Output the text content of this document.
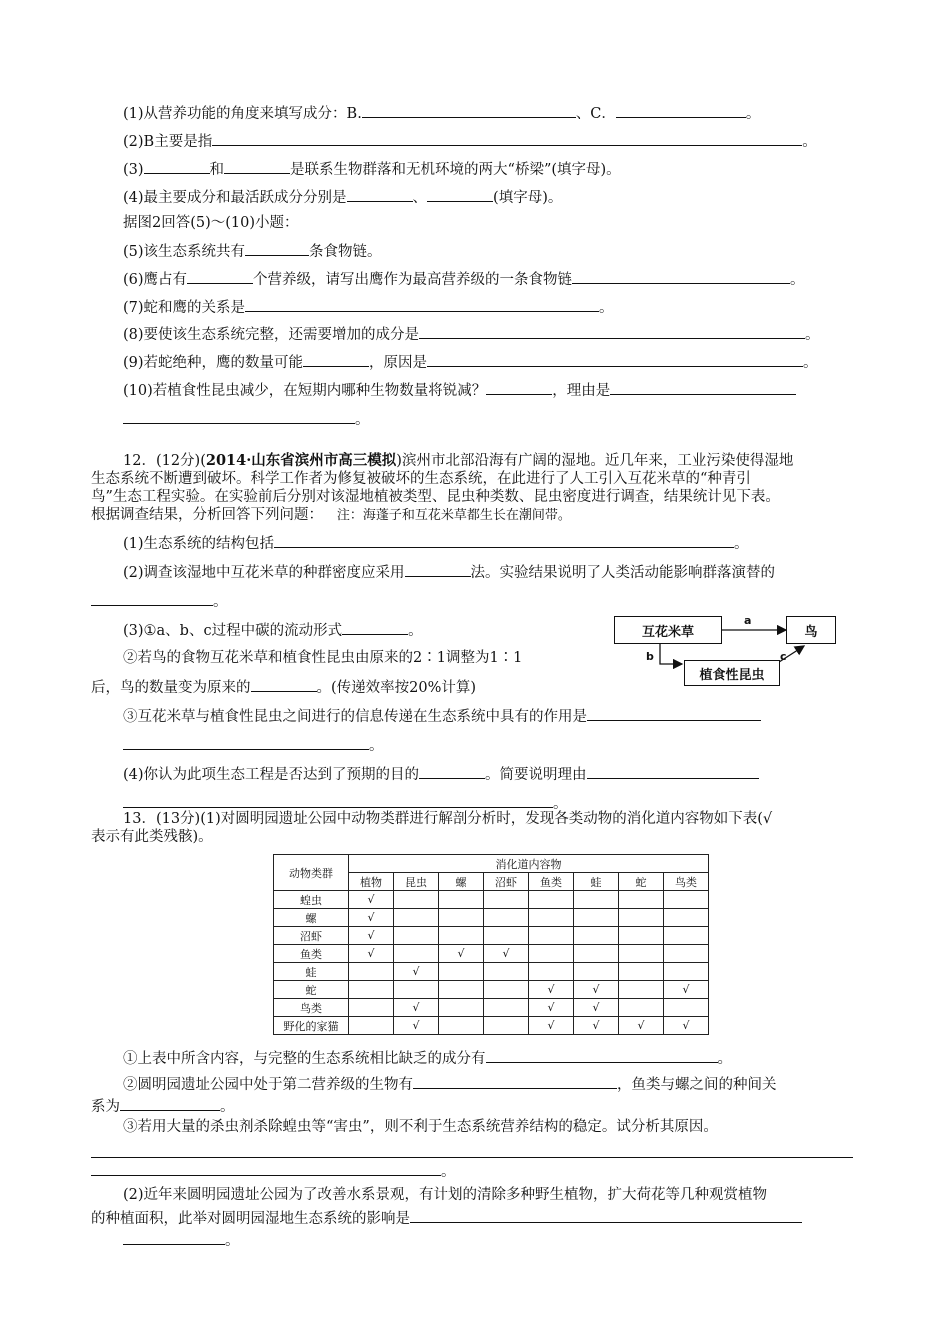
(1)从营养功能的角度来填写成分：B.	、C．	。
(2)B主要是指	。
(3)	和	是联系生物群落和无机环境的两大“桥梁”(填字母)。
(4)最主要成分和最活跃成分分别是	、	(填字母)。
据图2回答(5)～(10)小题：
(5)该生态系统共有	条食物链。
(6)鹰占有	个营养级，请写出鹰作为最高营养级的一条食物链	。
(7)蛇和鹰的关系是	。
(8)要使该生态系统完整，还需要增加的成分是	。
(9)若蛇绝种，鹰的数量可能	，原因是	。
(10)若植食性昆虫减少，在短期内哪种生物数量将锐减？	，理由是
。
12．(12分)(2014·山东省滨州市高三模拟)滨州市北部沿海有广阔的湿地。近几年来，工业污染使得湿地
生态系统不断遭到破坏。科学工作者为修复被破坏的生态系统，在此进行了人工引入互花米草的“种青引
鸟”生态工程实验。在实验前后分别对该湿地植被类型、昆虫种类数、昆虫密度进行调查，结果统计见下表。
根据调查结果，分析回答下列问题： 注：海蓬子和互花米草都生长在潮间带。
(1)生态系统的结构包括	。
(2)调查该湿地中互花米草的种群密度应采用	法。实验结果说明了人类活动能影响群落演替的
。
(3)①a、b、c过程中碳的流动形式	。
②若鸟的食物互花米草和植食性昆虫由原来的2∶1调整为1∶1
后，鸟的数量变为原来的	。(传递效率按20%计算)
③互花米草与植食性昆虫之间进行的信息传递在生态系统中具有的作用是
。
(4)你认为此项生态工程是否达到了预期的目的	。简要说明理由
。
互花米草	鸟
植食性昆虫
a
b	c
13．(13分)(1)对圆明园遗址公园中动物类群进行解剖分析时，发现各类动物的消化道内容物如下表(√
表示有此类残骸)。
动物类群	消化道内容物							
	植物	昆虫	螺	沼虾	鱼类	蛙	蛇	鸟类
蝗虫	√							
螺	√							
沼虾	√							
鱼类	√		√	√				
蛙		√						
蛇					√	√		√
鸟类		√			√	√		
野化的家猫		√			√	√	√	√
①上表中所含内容，与完整的生态系统相比缺乏的成分有	。
②圆明园遗址公园中处于第二营养级的生物有	，鱼类与螺之间的种间关
系为	。
③若用大量的杀虫剂杀除蝗虫等“害虫”，则不利于生态系统营养结构的稳定。试分析其原因。
。
(2)近年来圆明园遗址公园为了改善水系景观，有计划的清除多种野生植物，扩大荷花等几种观赏植物
的种植面积，此举对圆明园湿地生态系统的影响是
。
